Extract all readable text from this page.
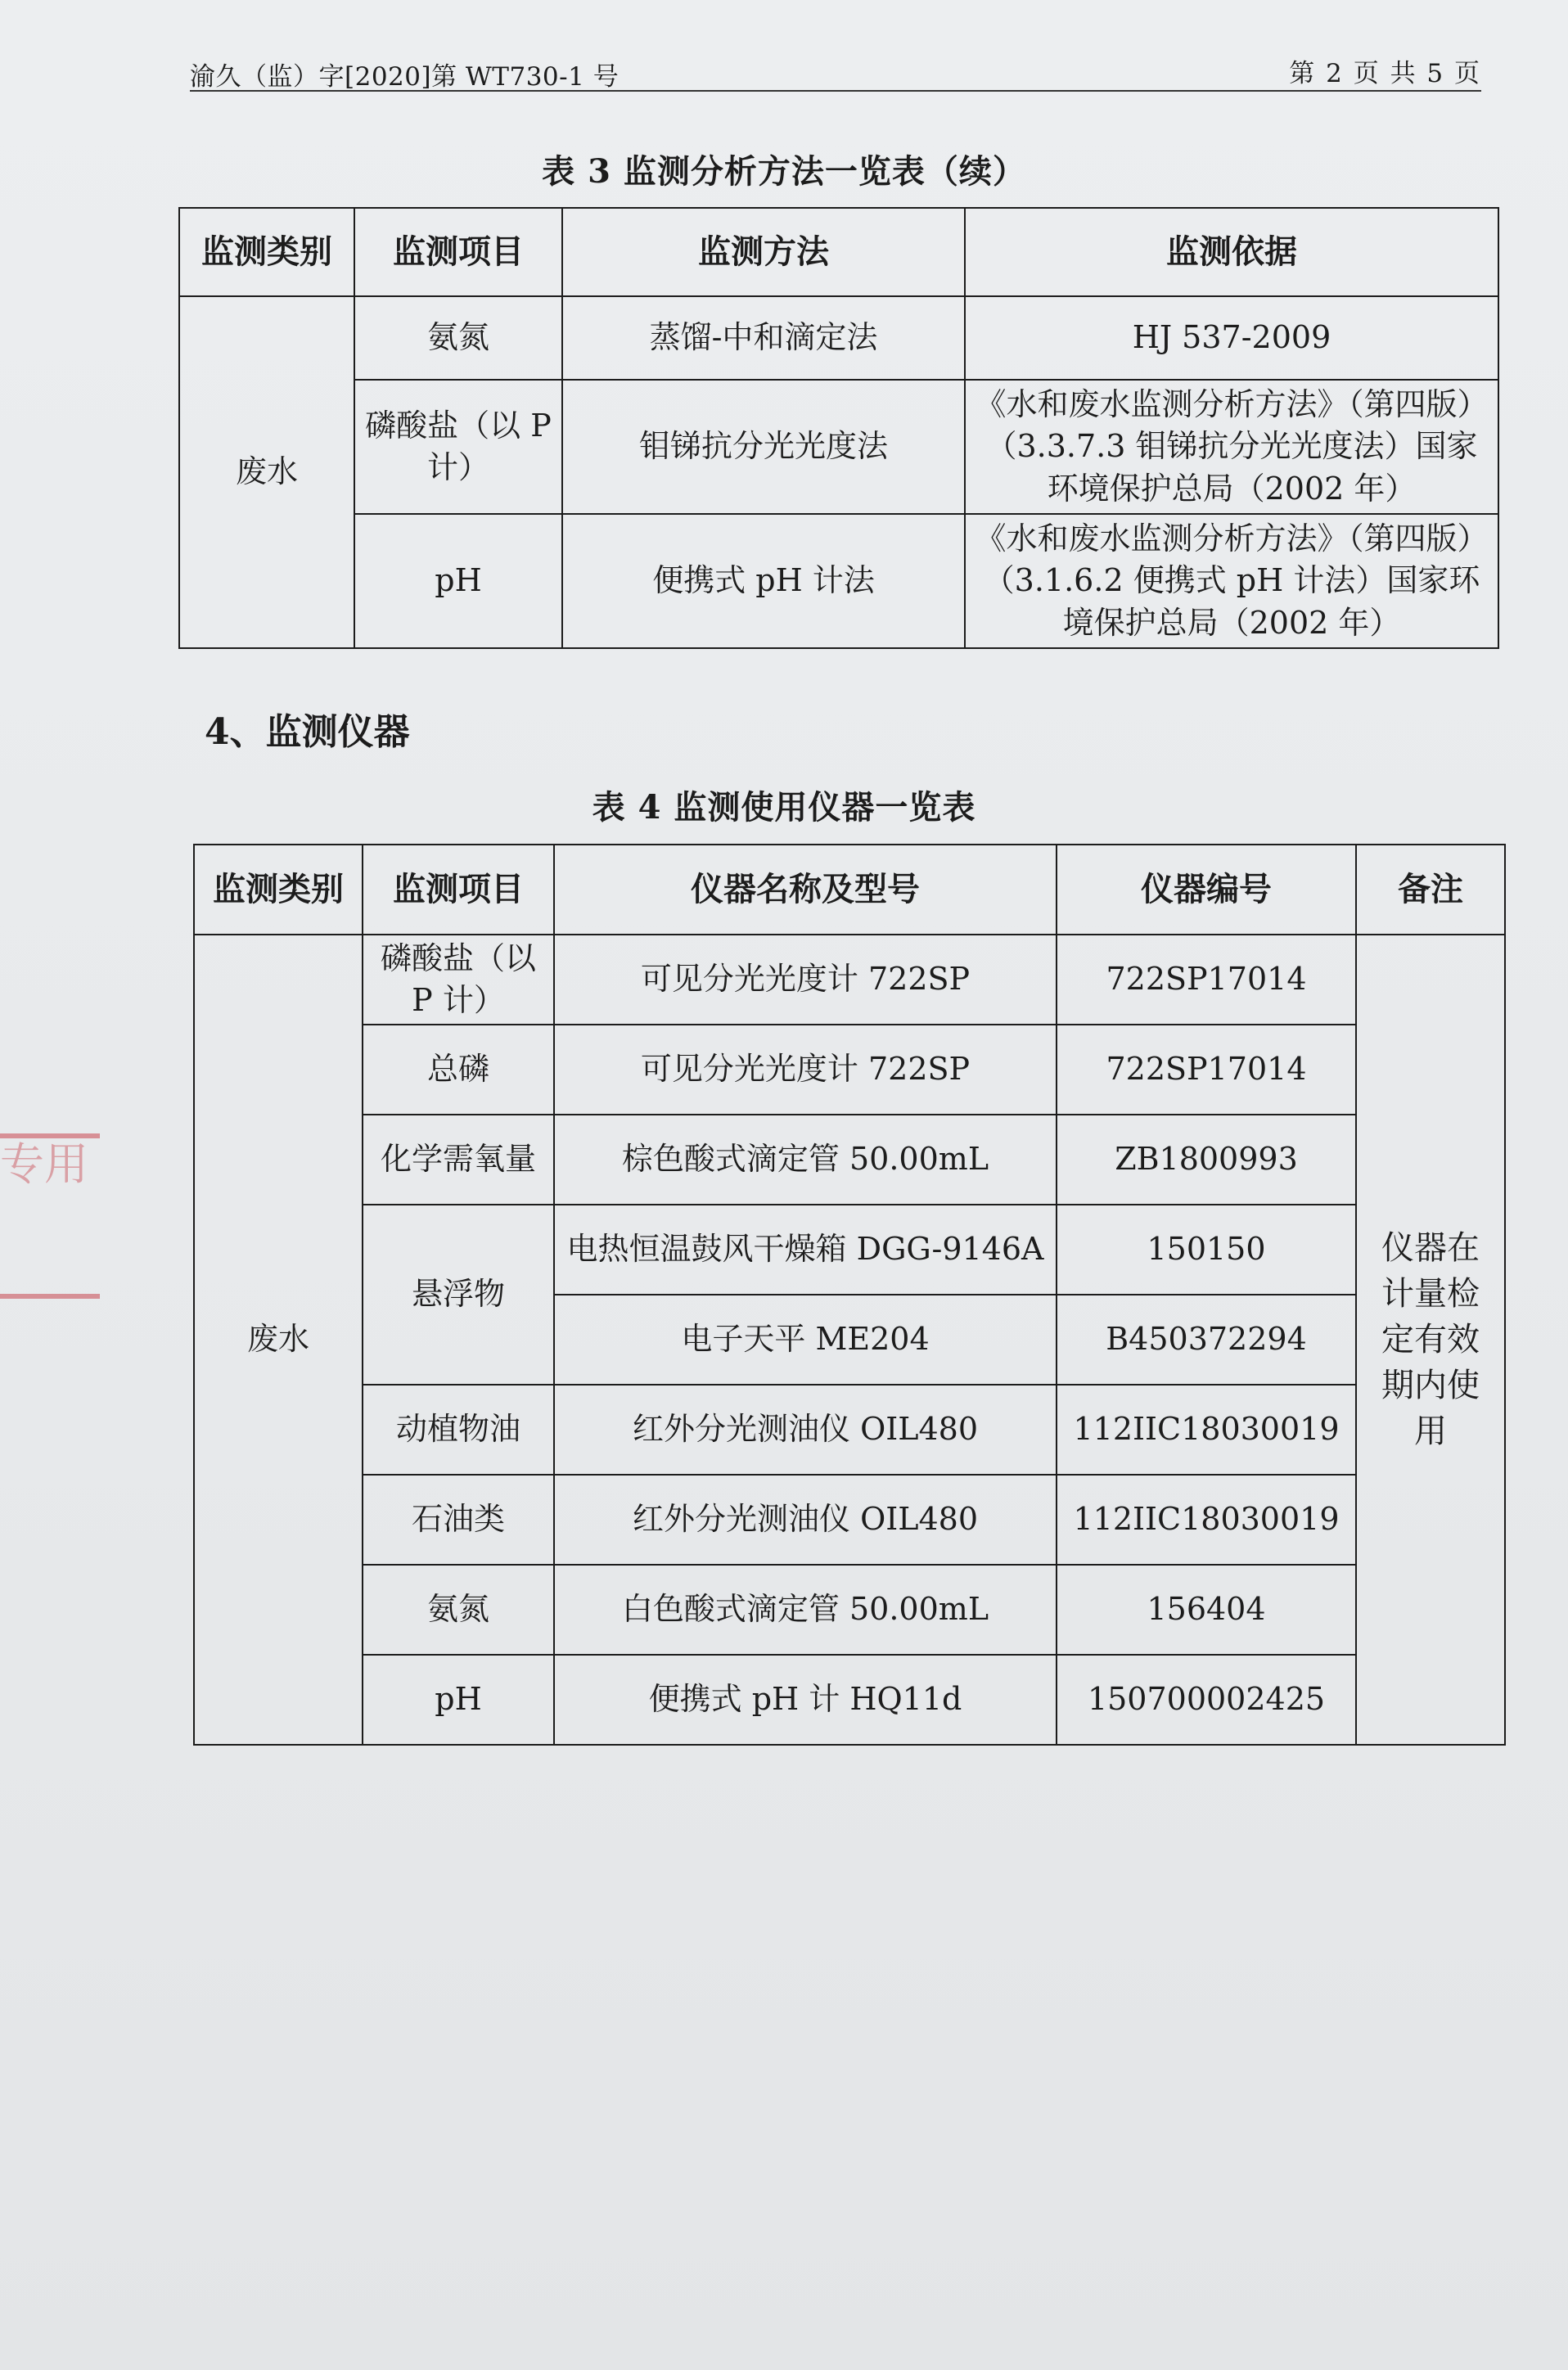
渝久（监）字[2020]第 WT730-1 号	第 2 页 共 5 页
表 3 监测分析方法一览表（续）
监测类别	监测项目	监测方法	监测依据
废水	氨氮	蒸馏-中和滴定法	HJ 537-2009
	磷酸盐（以 P 计）	钼锑抗分光光度法	《水和废水监测分析方法》（第四版）（3.3.7.3 钼锑抗分光光度法）国家环境保护总局（2002 年）
	pH	便携式 pH 计法	《水和废水监测分析方法》（第四版）（3.1.6.2 便携式 pH 计法）国家环境保护总局（2002 年）
4、监测仪器
表 4 监测使用仪器一览表
监测类别	监测项目	仪器名称及型号	仪器编号	备注
废水	磷酸盐（以 P 计）	可见分光光度计 722SP	722SP17014	仪器在计量检定有效期内使用
	总磷	可见分光光度计 722SP	722SP17014	
	化学需氧量	棕色酸式滴定管 50.00mL	ZB1800993	
	悬浮物	电热恒温鼓风干燥箱 DGG-9146A	150150	
		电子天平 ME204	B450372294	
	动植物油	红外分光测油仪 OIL480	112IIC18030019	
	石油类	红外分光测油仪 OIL480	112IIC18030019	
	氨氮	白色酸式滴定管 50.00mL	156404	
	pH	便携式 pH 计 HQ11d	150700002425	
专用
